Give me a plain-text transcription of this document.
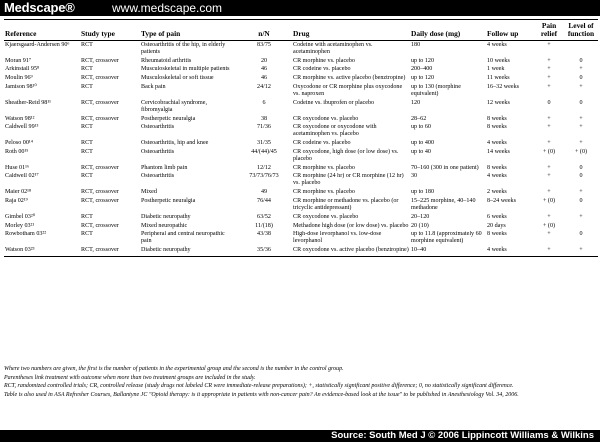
Medscape®	www.medscape.com
Reference	Study type	Type of pain	n/N	Drug	Daily dose (mg)	Follow up	Pain relief	Level of function
Kjaersgaard-Andersen 90⁶	RCT	Osteoarthritis of the hip, in elderly patients	83/75	Codeine with acetaminophen vs. acetaminophen	180	4 weeks	+	
Moran 91⁷	RCT, crossover	Rheumatoid arthritis	20	CR morphine vs. placebo	up to 120	10 weeks	+	0
Arkinstall 95⁸	RCT	Musculoskeletal in multiple patients	46	CR codeine vs. placebo	200–400	1 week	+	+
Moulin 96⁹	RCT, crossover	Musculoskeletal or soft tissue	46	CR morphine vs. active placebo (benztropine)	up to 120	11 weeks	+	0
Jamison 98¹⁰	RCT	Back pain	24/12	Oxycodone or CR morphine plus oxycodone vs. naproxen	up to 130 (morphine equivalent)	16–32 weeks	+	+
Sheather-Reid 98¹¹	RCT, crossover	Cervicobrachial syndrome, fibromyalgia	6	Codeine vs. ibuprofen or placebo	120	12 weeks	0	0
Watson 98¹²	RCT, crossover	Postherpetic neuralgia	38	CR oxycodone vs. placebo	28–62	8 weeks	+	+
Caldwell 99¹³	RCT	Osteoarthritis	71/36	CR oxycodone or oxycodone with acetaminophen vs. placebo	up to 60	8 weeks	+	+
Peloso 00¹⁴	RCT	Osteoarthritis, hip and knee	31/35	CR codeine vs. placebo	up to 400	4 weeks	+	+
Roth 00¹⁵	RCT	Osteoarthritis	44/(44)/45	CR oxycodone, high dose (or low dose) vs. placebo	up to 40	14 weeks	+ (0)	+ (0)
Huse 01¹⁶	RCT, crossover	Phantom limb pain	12/12	CR morphine vs. placebo	70–160 (300 in one patient)	8 weeks	+	0
Caldwell 02¹⁷	RCT	Osteoarthritis	73/73/76/73	CR morphine (24 hr) or CR morphine (12 hr) vs. placebo	30	4 weeks	+	0
Maier 02¹⁸	RCT, crossover	Mixed	49	CR morphine vs. placebo	up to 180	2 weeks	+	+
Raja 02¹⁹	RCT, crossover	Postherpetic neuralgia	76/44	CR morphine or methadone vs. placebo (or tricyclic antidepressant)	15–225 morphine, 40–140 methadone	8–24 weeks	+ (0)	0
Gimbel 03²⁰	RCT	Diabetic neuropathy	63/52	CR oxycodone vs. placebo	20–120	6 weeks	+	+
Morley 03²¹	RCT, crossover	Mixed neuropathic	11/(18)	Methadone high dose (or low dose) vs. placebo	20 (10)	20 days	+ (0)	
Rowbotham 03²²	RCT	Peripheral and central neuropathic pain	43/38	High-dose levorphanol vs. low-dose levorphanol	up to 11.8 (approximately 60 morphine equivalent)	8 weeks	+	0
Watson 03²³	RCT, crossover	Diabetic neuropathy	35/36	CR oxycodone vs. active placebo (benztropine)	10–40	4 weeks	+	+

Where two numbers are given, the first is the number of patients in the experimental group and the second is the number in the control group.

Parentheses link treatment with outcome when more than two treatment groups are included in the study.

RCT, randomized controlled trials; CR, controlled release (study drugs not labeled CR were immediate-release preparations); +, statistically significant positive difference; 0, no statistically significant difference.

Table is also used in ASA Refresher Courses, Ballantyne JC "Opioid therapy: is it appropriate in patients with non-cancer pain? An evidence-based look at the issue" to be published in Anesthesiology Vol. 34, 2006.

Source: South Med J © 2006 Lippincott Williams & Wilkins
